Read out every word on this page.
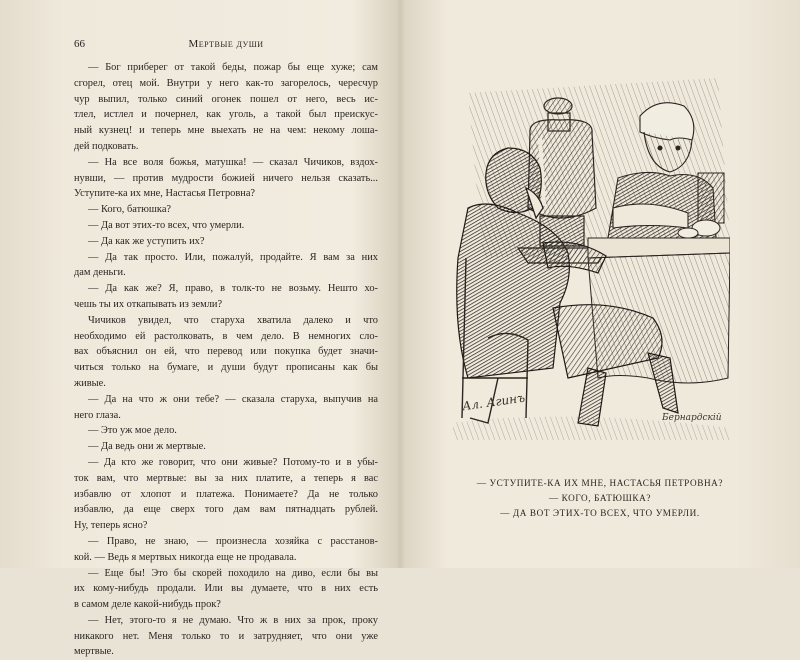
66	Мертвые души
— Бог приберег от такой беды, пожар бы еще хуже; сам
сгорел, отец мой. Внутри у него как-то загорелось, чересчур
чур выпил, только синий огонек пошел от него, весь ис-
тлел, истлел и почернел, как уголь, а такой был преискус-
ный кузнец! и теперь мне выехать не на чем: некому лоша-
дей подковать.
— На все воля божья, матушка! — сказал Чичиков, вздох-
нувши, — против мудрости божией ничего нельзя сказать...
Уступите-ка их мне, Настасья Петровна?
— Кого, батюшка?
— Да вот этих-то всех, что умерли.
— Да как же уступить их?
— Да так просто. Или, пожалуй, продайте. Я вам за них
дам деньги.
— Да как же? Я, право, в толк-то не возьму. Нешто хо-
чешь ты их откапывать из земли?
Чичиков увидел, что старуха хватила далеко и что
необходимо ей растолковать, в чем дело. В немногих сло-
вах объяснил он ей, что перевод или покупка будет значи-
читься только на бумаге, и души будут прописаны как бы
живые.
— Да на что ж они тебе? — сказала старуха, выпучив на
него глаза.
— Это уж мое дело.
— Да ведь они ж мертвые.
— Да кто же говорит, что они живые? Потому-то и в убы-
ток вам, что мертвые: вы за них платите, а теперь я вас
избавлю от хлопот и платежа. Понимаете? Да не только
избавлю, да еще сверх того дам вам пятнадцать рублей.
Ну, теперь ясно?
— Право, не знаю, — произнесла хозяйка с расстанов-
кой. — Ведь я мертвых никогда еще не продавала.
— Еще бы! Это бы скорей походило на диво, если бы вы
их кому-нибудь продали. Или вы думаете, что в них есть
в самом деле какой-нибудь прок?
— Нет, этого-то я не думаю. Что ж в них за прок, проку
никакого нет. Меня только то и затрудняет, что они уже
мертвые.
Ал. Агинъ
Бернардскій
— УСТУПИТЕ-КА ИХ МНЕ, НАСТАСЬЯ ПЕТРОВНА?
— КОГО, БАТЮШКА?
— ДА ВОТ ЭТИХ-ТО ВСЕХ, ЧТО УМЕРЛИ.
